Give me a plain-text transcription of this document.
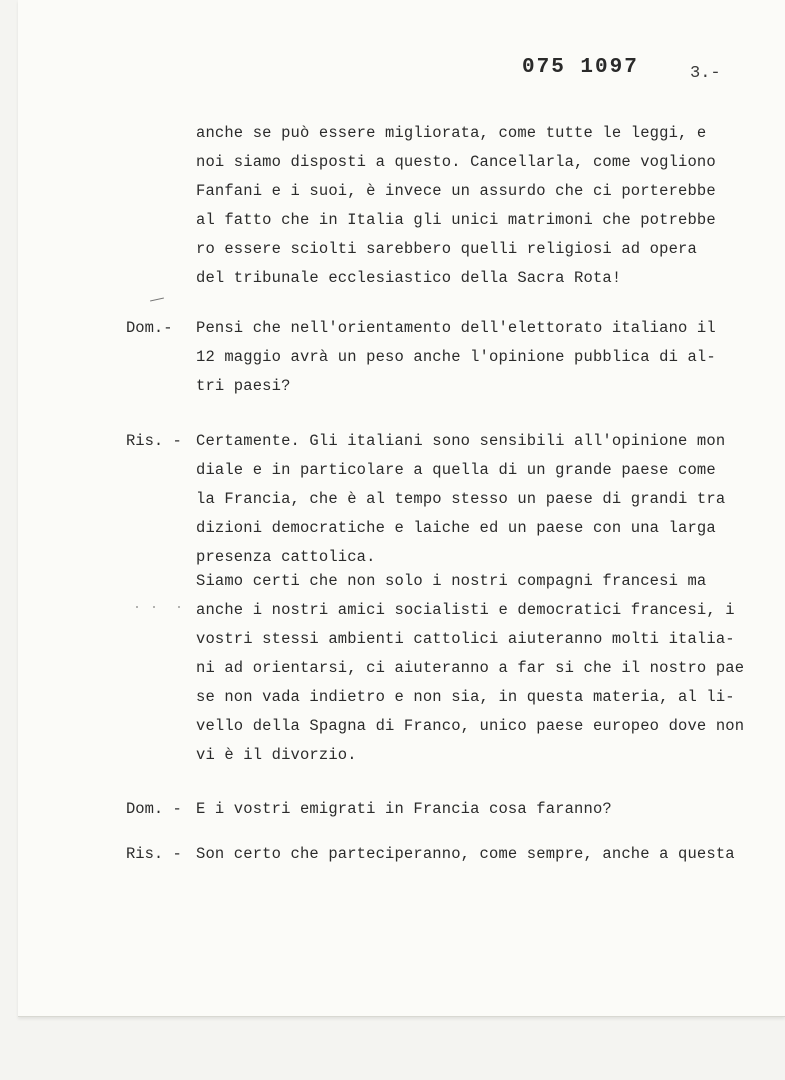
075 1097	3.-
anche se può essere migliorata, come tutte le leggi, e
noi siamo disposti a questo. Cancellarla, come vogliono
Fanfani e i suoi, è invece un assurdo che ci porterebbe
al fatto che in Italia gli unici matrimoni che potrebbe
ro essere sciolti sarebbero quelli religiosi ad opera
del tribunale ecclesiastico della Sacra Rota!
Dom.- Pensi che nell'orientamento dell'elettorato italiano il
12 maggio avrà un peso anche l'opinione pubblica di al-
tri paesi?
Ris. - Certamente. Gli italiani sono sensibili all'opinione mon
diale e in particolare a quella di un grande paese come
la Francia, che è al tempo stesso un paese di grandi tra
dizioni democratiche e laiche ed un paese con una larga
presenza cattolica.
Siamo certi che non solo i nostri compagni francesi ma
anche i nostri amici socialisti e democratici francesi, i
vostri stessi ambienti cattolici aiuteranno molti italia-
ni ad orientarsi, ci aiuteranno a far si che il nostro pae
se non vada indietro e non sia, in questa materia, al li-
vello della Spagna di Franco, unico paese europeo dove non
vi è il divorzio.
Dom. - E i vostri emigrati in Francia cosa faranno?
Ris. - Son certo che parteciperanno, come sempre, anche a questa
